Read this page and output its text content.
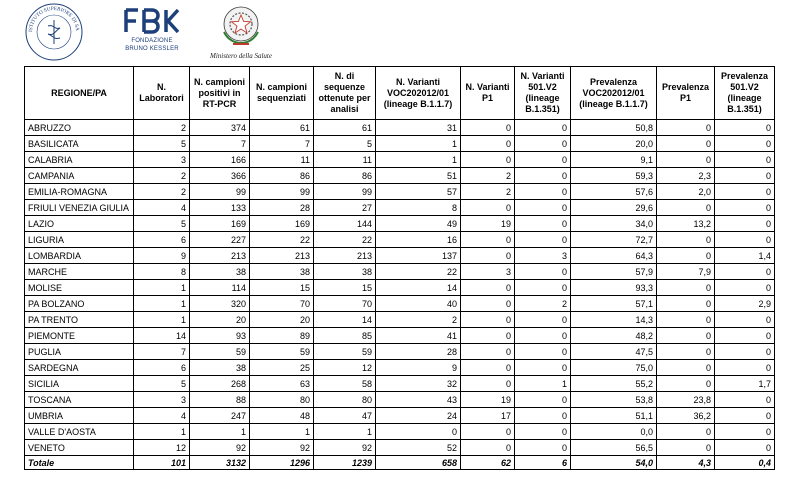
ISTITUTO SUPERIORE DI SA
FONDAZIONE
BRUNO KESSLER
Ministero della Salute
REGIONE/PA	N. Laboratori	N. campioni positivi in RT-PCR	N. campioni sequenziati	N. di sequenze ottenute per analisi	N. Varianti VOC202012/01 (lineage B.1.1.7)	N. Varianti P1	N. Varianti 501.V2 (lineage B.1.351)	Prevalenza VOC202012/01 (lineage B.1.1.7)	Prevalenza P1	Prevalenza 501.V2 (lineage B.1.351)
ABRUZZO	2	374	61	61	31	0	0	50,8	0	0
BASILICATA	5	7	7	5	1	0	0	20,0	0	0
CALABRIA	3	166	11	11	1	0	0	9,1	0	0
CAMPANIA	2	366	86	86	51	2	0	59,3	2,3	0
EMILIA-ROMAGNA	2	99	99	99	57	2	0	57,6	2,0	0
FRIULI VENEZIA GIULIA	4	133	28	27	8	0	0	29,6	0	0
LAZIO	5	169	169	144	49	19	0	34,0	13,2	0
LIGURIA	6	227	22	22	16	0	0	72,7	0	0
LOMBARDIA	9	213	213	213	137	0	3	64,3	0	1,4
MARCHE	8	38	38	38	22	3	0	57,9	7,9	0
MOLISE	1	114	15	15	14	0	0	93,3	0	0
PA BOLZANO	1	320	70	70	40	0	2	57,1	0	2,9
PA TRENTO	1	20	20	14	2	0	0	14,3	0	0
PIEMONTE	14	93	89	85	41	0	0	48,2	0	0
PUGLIA	7	59	59	59	28	0	0	47,5	0	0
SARDEGNA	6	38	25	12	9	0	0	75,0	0	0
SICILIA	5	268	63	58	32	0	1	55,2	0	1,7
TOSCANA	3	88	80	80	43	19	0	53,8	23,8	0
UMBRIA	4	247	48	47	24	17	0	51,1	36,2	0
VALLE D'AOSTA	1	1	1	1	0	0	0	0,0	0	0
VENETO	12	92	92	92	52	0	0	56,5	0	0
Totale	101	3132	1296	1239	658	62	6	54,0	4,3	0,4
